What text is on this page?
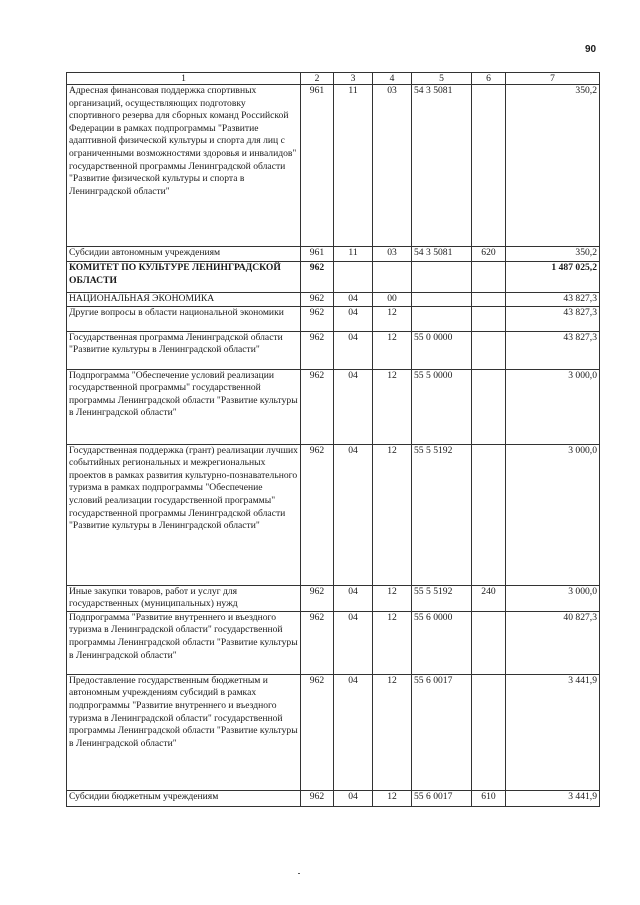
90
1	2	3	4	5	6	7
Адресная финансовая поддержка спортивных организаций, осуществляющих подготовку спортивного резерва для сборных команд Российской Федерации в рамках подпрограммы "Развитие адаптивной физической культуры и спорта для лиц с ограниченными возможностями здоровья и инвалидов" государственной программы Ленинградской области "Развитие физической культуры и спорта в Ленинградской области"	961	11	03	54 3 5081		350,2
Субсидии автономным учреждениям	961	11	03	54 3 5081	620	350,2
КОМИТЕТ ПО КУЛЬТУРЕ ЛЕНИНГРАДСКОЙ ОБЛАСТИ	962					1 487 025,2
НАЦИОНАЛЬНАЯ ЭКОНОМИКА	962	04	00			43 827,3
Другие вопросы в области национальной экономики	962	04	12			43 827,3
Государственная программа Ленинградской области "Развитие культуры в Ленинградской области"	962	04	12	55 0 0000		43 827,3
Подпрограмма "Обеспечение условий реализации государственной программы" государственной программы Ленинградской области "Развитие культуры в Ленинградской области"	962	04	12	55 5 0000		3 000,0
Государственная поддержка (грант) реализации лучших событийных региональных и межрегиональных проектов в рамках развития культурно-познавательного туризма в рамках подпрограммы "Обеспечение условий реализации государственной программы" государственной программы Ленинградской области "Развитие культуры в Ленинградской области"	962	04	12	55 5 5192		3 000,0
Иные закупки товаров, работ и услуг для государственных (муниципальных) нужд	962	04	12	55 5 5192	240	3 000,0
Подпрограмма "Развитие внутреннего и въездного туризма в Ленинградской области" государственной программы Ленинградской области "Развитие культуры в Ленинградской области"	962	04	12	55 6 0000		40 827,3
Предоставление государственным бюджетным и автономным учреждениям субсидий в рамках подпрограммы "Развитие внутреннего и въездного туризма в Ленинградской области" государственной программы Ленинградской области "Развитие культуры в Ленинградской области"	962	04	12	55 6 0017		3 441,9
Субсидии бюджетным учреждениям	962	04	12	55 6 0017	610	3 441,9
